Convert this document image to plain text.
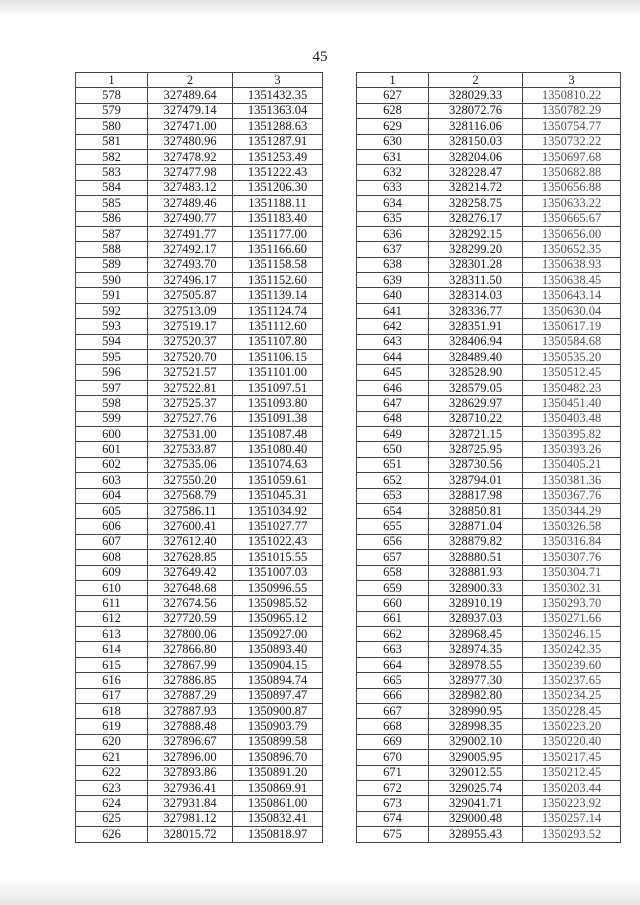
45
1	2	3
578	327489.64	1351432.35
579	327479.14	1351363.04
580	327471.00	1351288.63
581	327480.96	1351287.91
582	327478.92	1351253.49
583	327477.98	1351222.43
584	327483.12	1351206.30
585	327489.46	1351188.11
586	327490.77	1351183.40
587	327491.77	1351177.00
588	327492.17	1351166.60
589	327493.70	1351158.58
590	327496.17	1351152.60
591	327505.87	1351139.14
592	327513.09	1351124.74
593	327519.17	1351112.60
594	327520.37	1351107.80
595	327520.70	1351106.15
596	327521.57	1351101.00
597	327522.81	1351097.51
598	327525.37	1351093.80
599	327527.76	1351091.38
600	327531.00	1351087.48
601	327533.87	1351080.40
602	327535.06	1351074.63
603	327550.20	1351059.61
604	327568.79	1351045.31
605	327586.11	1351034.92
606	327600.41	1351027.77
607	327612.40	1351022.43
608	327628.85	1351015.55
609	327649.42	1351007.03
610	327648.68	1350996.55
611	327674.56	1350985.52
612	327720.59	1350965.12
613	327800.06	1350927.00
614	327866.80	1350893.40
615	327867.99	1350904.15
616	327886.85	1350894.74
617	327887.29	1350897.47
618	327887.93	1350900.87
619	327888.48	1350903.79
620	327896.67	1350899.58
621	327896.00	1350896.70
622	327893.86	1350891.20
623	327936.41	1350869.91
624	327931.84	1350861.00
625	327981.12	1350832.41
626	328015.72	1350818.97
1	2	3
627	328029.33	1350810.22
628	328072.76	1350782.29
629	328116.06	1350754.77
630	328150.03	1350732.22
631	328204.06	1350697.68
632	328228.47	1350682.88
633	328214.72	1350656.88
634	328258.75	1350633.22
635	328276.17	1350665.67
636	328292.15	1350656.00
637	328299.20	1350652.35
638	328301.28	1350638.93
639	328311.50	1350638.45
640	328314.03	1350643.14
641	328336.77	1350630.04
642	328351.91	1350617.19
643	328406.94	1350584.68
644	328489.40	1350535.20
645	328528.90	1350512.45
646	328579.05	1350482.23
647	328629.97	1350451.40
648	328710.22	1350403.48
649	328721.15	1350395.82
650	328725.95	1350393.26
651	328730.56	1350405.21
652	328794.01	1350381.36
653	328817.98	1350367.76
654	328850.81	1350344.29
655	328871.04	1350326.58
656	328879.82	1350316.84
657	328880.51	1350307.76
658	328881.93	1350304.71
659	328900.33	1350302.31
660	328910.19	1350293.70
661	328937.03	1350271.66
662	328968.45	1350246.15
663	328974.35	1350242.35
664	328978.55	1350239.60
665	328977.30	1350237.65
666	328982.80	1350234.25
667	328990.95	1350228.45
668	328998.35	1350223.20
669	329002.10	1350220.40
670	329005.95	1350217.45
671	329012.55	1350212.45
672	329025.74	1350203.44
673	329041.71	1350223.92
674	329000.48	1350257.14
675	328955.43	1350293.52
